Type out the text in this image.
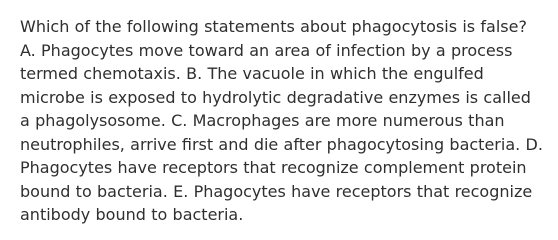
Which of the following statements about phagocytosis is false? A. Phagocytes move toward an area of infection by a process termed chemotaxis. B. The vacuole in which the engulfed microbe is exposed to hydrolytic degradative enzymes is called a phagolysosome. C. Macrophages are more numerous than neutrophiles, arrive first and die after phagocytosing bacteria. D. Phagocytes have receptors that recognize complement protein bound to bacteria. E. Phagocytes have receptors that recognize antibody bound to bacteria.
